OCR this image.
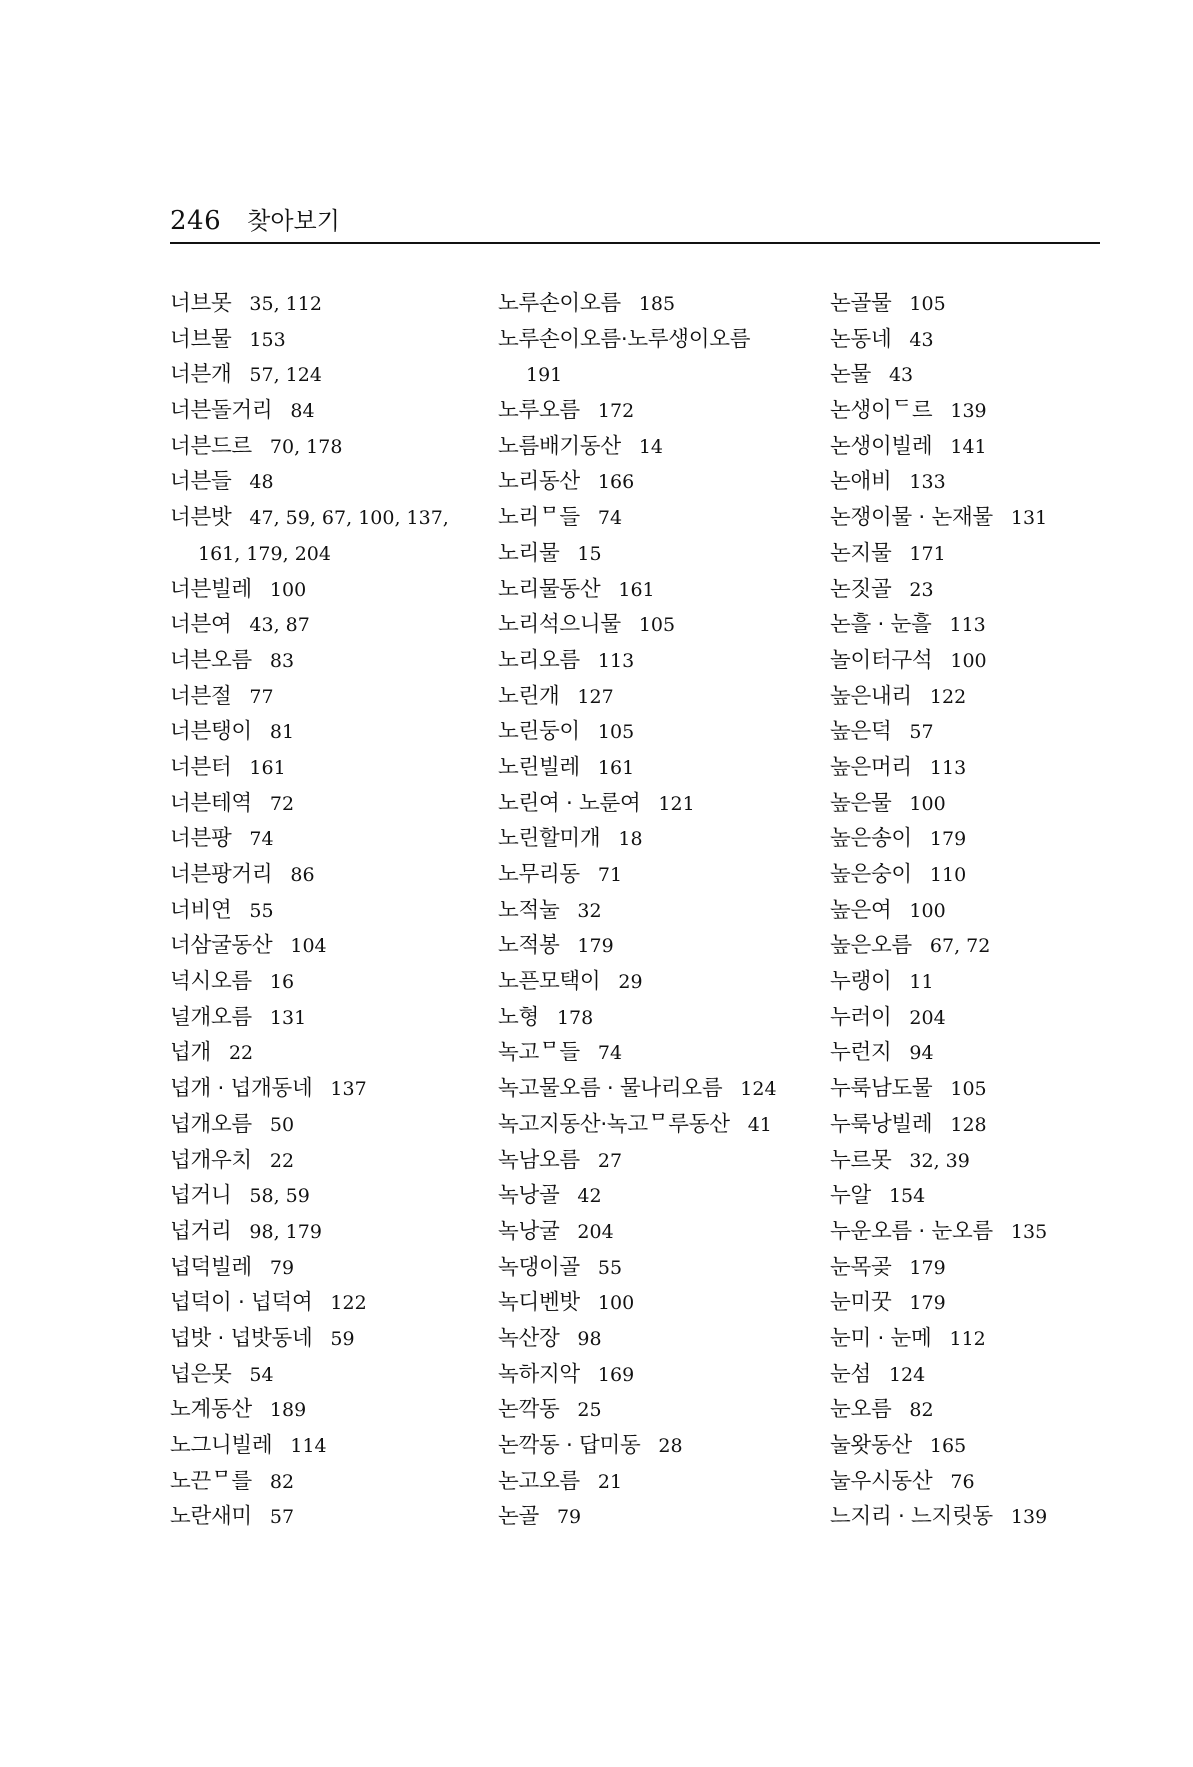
246 찾아보기
너브못 35, 112
너브물 153
너븐개 57, 124
너븐돌거리 84
너븐드르 70, 178
너븐들 48
너븐밧 47, 59, 67, 100, 137,
161, 179, 204
너븐빌레 100
너븐여 43, 87
너븐오름 83
너븐절 77
너븐탱이 81
너븐터 161
너븐테역 72
너븐팡 74
너븐팡거리 86
너비연 55
너삼굴동산 104
넉시오름 16
널개오름 131
넙개 22
넙개 · 넙개동네 137
넙개오름 50
넙개우치 22
넙거니 58, 59
넙거리 98, 179
넙덕빌레 79
넙덕이 · 넙덕여 122
넙밧 · 넙밧동네 59
넙은못 54
노계동산 189
노그니빌레 114
노끈ᄆ를 82
노란새미 57
노루손이오름 185
노루손이오름·노루생이오름
191
노루오름 172
노름배기동산 14
노리동산 166
노리ᄆ들 74
노리물 15
노리물동산 161
노리석으니물 105
노리오름 113
노린개 127
노린둥이 105
노린빌레 161
노린여 · 노룬여 121
노린할미개 18
노무리동 71
노적눌 32
노적봉 179
노픈모택이 29
노형 178
녹고ᄆ들 74
녹고물오름 · 물나리오름 124
녹고지동산·녹고ᄆ루동산 41
녹남오름 27
녹낭골 42
녹낭굴 204
녹댕이골 55
녹디벤밧 100
녹산장 98
녹하지악 169
논깍동 25
논깍동 · 답미동 28
논고오름 21
논골 79
논골물 105
논동네 43
논물 43
논생이ᄃ르 139
논생이빌레 141
논애비 133
논쟁이물 · 논재물 131
논지물 171
논짓골 23
논흘 · 눈흘 113
놀이터구석 100
높은내리 122
높은덕 57
높은머리 113
높은물 100
높은송이 179
높은숭이 110
높은여 100
높은오름 67, 72
누랭이 11
누러이 204
누런지 94
누룩남도물 105
누룩낭빌레 128
누르못 32, 39
누알 154
누운오름 · 눈오름 135
눈목곶 179
눈미꿋 179
눈미 · 눈메 112
눈섬 124
눈오름 82
눌왓동산 165
눌우시동산 76
느지리 · 느지릿동 139
